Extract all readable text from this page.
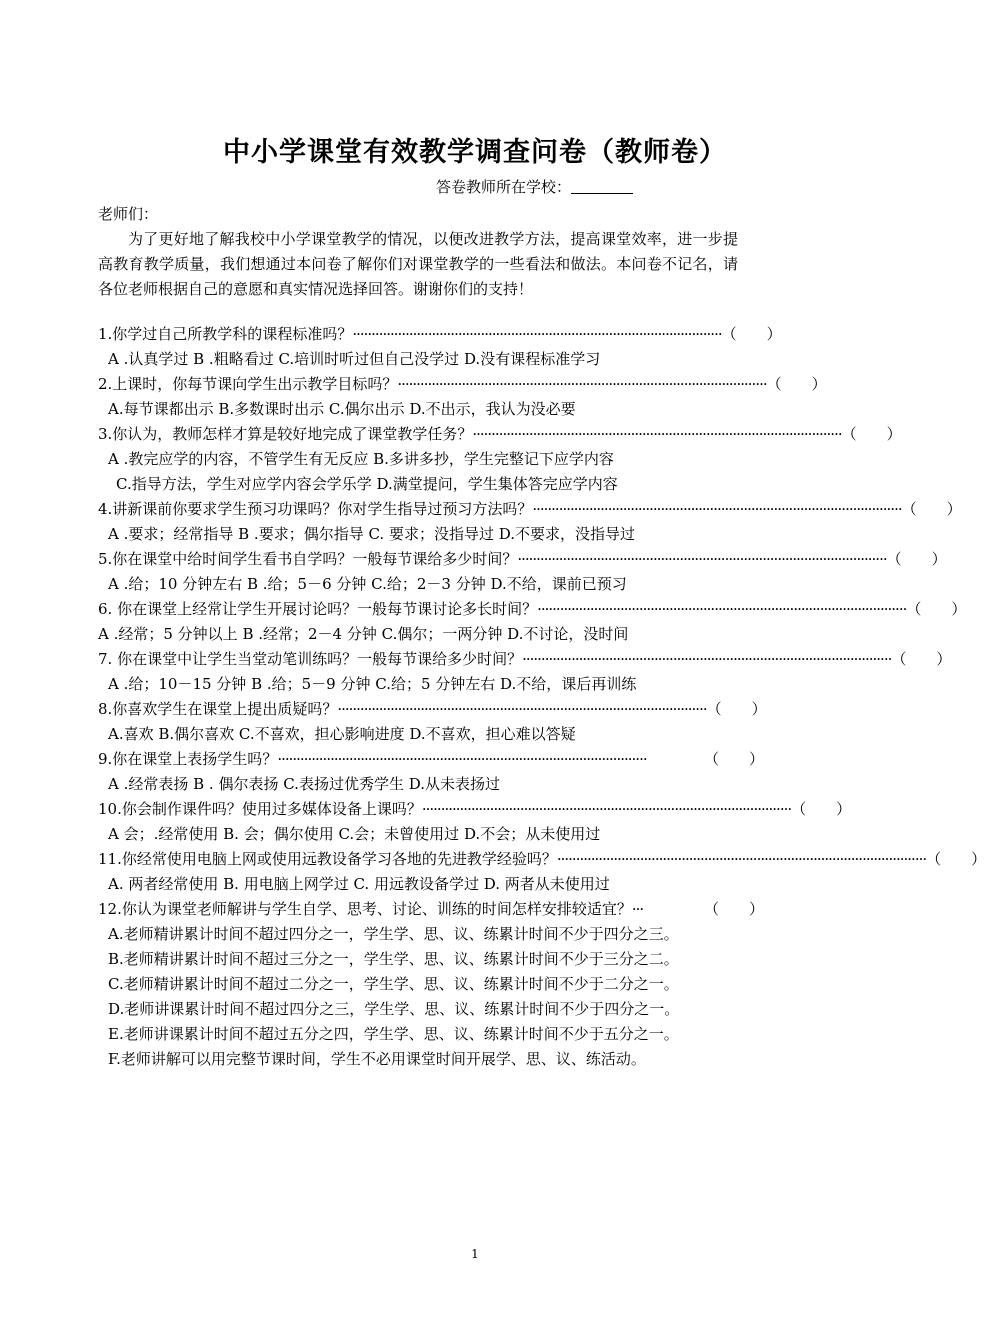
中小学课堂有效教学调查问卷（教师卷）
答卷教师所在学校：
老师们：

为了更好地了解我校中小学课堂教学的情况，以便改进教学方法，提高课堂效率，进一步提高教育教学质量，我们想通过本问卷了解你们对课堂教学的一些看法和做法。本问卷不记名，请各位老师根据自己的意愿和真实情况选择回答。谢谢你们的支持！

1.你学过自己所教学科的课程标准吗？ ·································································································· （　　）
A .认真学过 B .粗略看过 C.培训时听过但自己没学过 D.没有课程标准学习
2.上课时，你每节课向学生出示教学目标吗？ ·································································································· （　　）
A.每节课都出示 B.多数课时出示 C.偶尔出示 D.不出示，我认为没必要
3.你认为，教师怎样才算是较好地完成了课堂教学任务？ ·································································································· （　　）
A .教完应学的内容，不管学生有无反应 B.多讲多抄，学生完整记下应学内容
C.指导方法，学生对应学内容会学乐学 D.满堂提问，学生集体答完应学内容
4.讲新课前你要求学生预习功课吗？你对学生指导过预习方法吗？ ·································································································· （　　）
A .要求；经常指导 B .要求；偶尔指导 C. 要求；没指导过 D.不要求，没指导过
5.你在课堂中给时间学生看书自学吗？一般每节课给多少时间？ ·································································································· （　　）
A .给；10 分钟左右 B .给；5－6 分钟 C.给；2－3 分钟 D.不给，课前已预习
6. 你在课堂上经常让学生开展讨论吗？一般每节课讨论多长时间？ ·································································································· （　　）
A .经常；5 分钟以上 B .经常；2－4 分钟 C.偶尔；一两分钟 D.不讨论，没时间
7. 你在课堂中让学生当堂动笔训练吗？一般每节课给多少时间？ ·································································································· （　　）
A .给；10－15 分钟 B .给；5－9 分钟 C.给；5 分钟左右 D.不给，课后再训练
8.你喜欢学生在课堂上提出质疑吗？ ·································································································· （　　）
A.喜欢 B.偶尔喜欢 C.不喜欢，担心影响进度 D.不喜欢，担心难以答疑
9.你在课堂上表扬学生吗？ ··································································································	（　　）
A .经常表扬 B . 偶尔表扬 C.表扬过优秀学生 D.从未表扬过
10.你会制作课件吗？使用过多媒体设备上课吗？ ·································································································· （　　）
A 会；.经常使用 B. 会；偶尔使用 C.会；未曾使用过 D.不会；从未使用过
11.你经常使用电脑上网或使用远教设备学习各地的先进教学经验吗？ ·································································································· （　　）
A. 两者经常使用 B. 用电脑上网学过 C. 用远教设备学过 D. 两者从未使用过
12.你认为课堂老师解讲与学生自学、思考、讨论、训练的时间怎样安排较适宜？ ···	（　　）
A.老师精讲累计时间不超过四分之一，学生学、思、议、练累计时间不少于四分之三。
B.老师精讲累计时间不超过三分之一，学生学、思、议、练累计时间不少于三分之二。
C.老师精讲累计时间不超过二分之一，学生学、思、议、练累计时间不少于二分之一。
D.老师讲课累计时间不超过四分之三，学生学、思、议、练累计时间不少于四分之一。
E.老师讲课累计时间不超过五分之四，学生学、思、议、练累计时间不少于五分之一。
F.老师讲解可以用完整节课时间，学生不必用课堂时间开展学、思、议、练活动。
1
